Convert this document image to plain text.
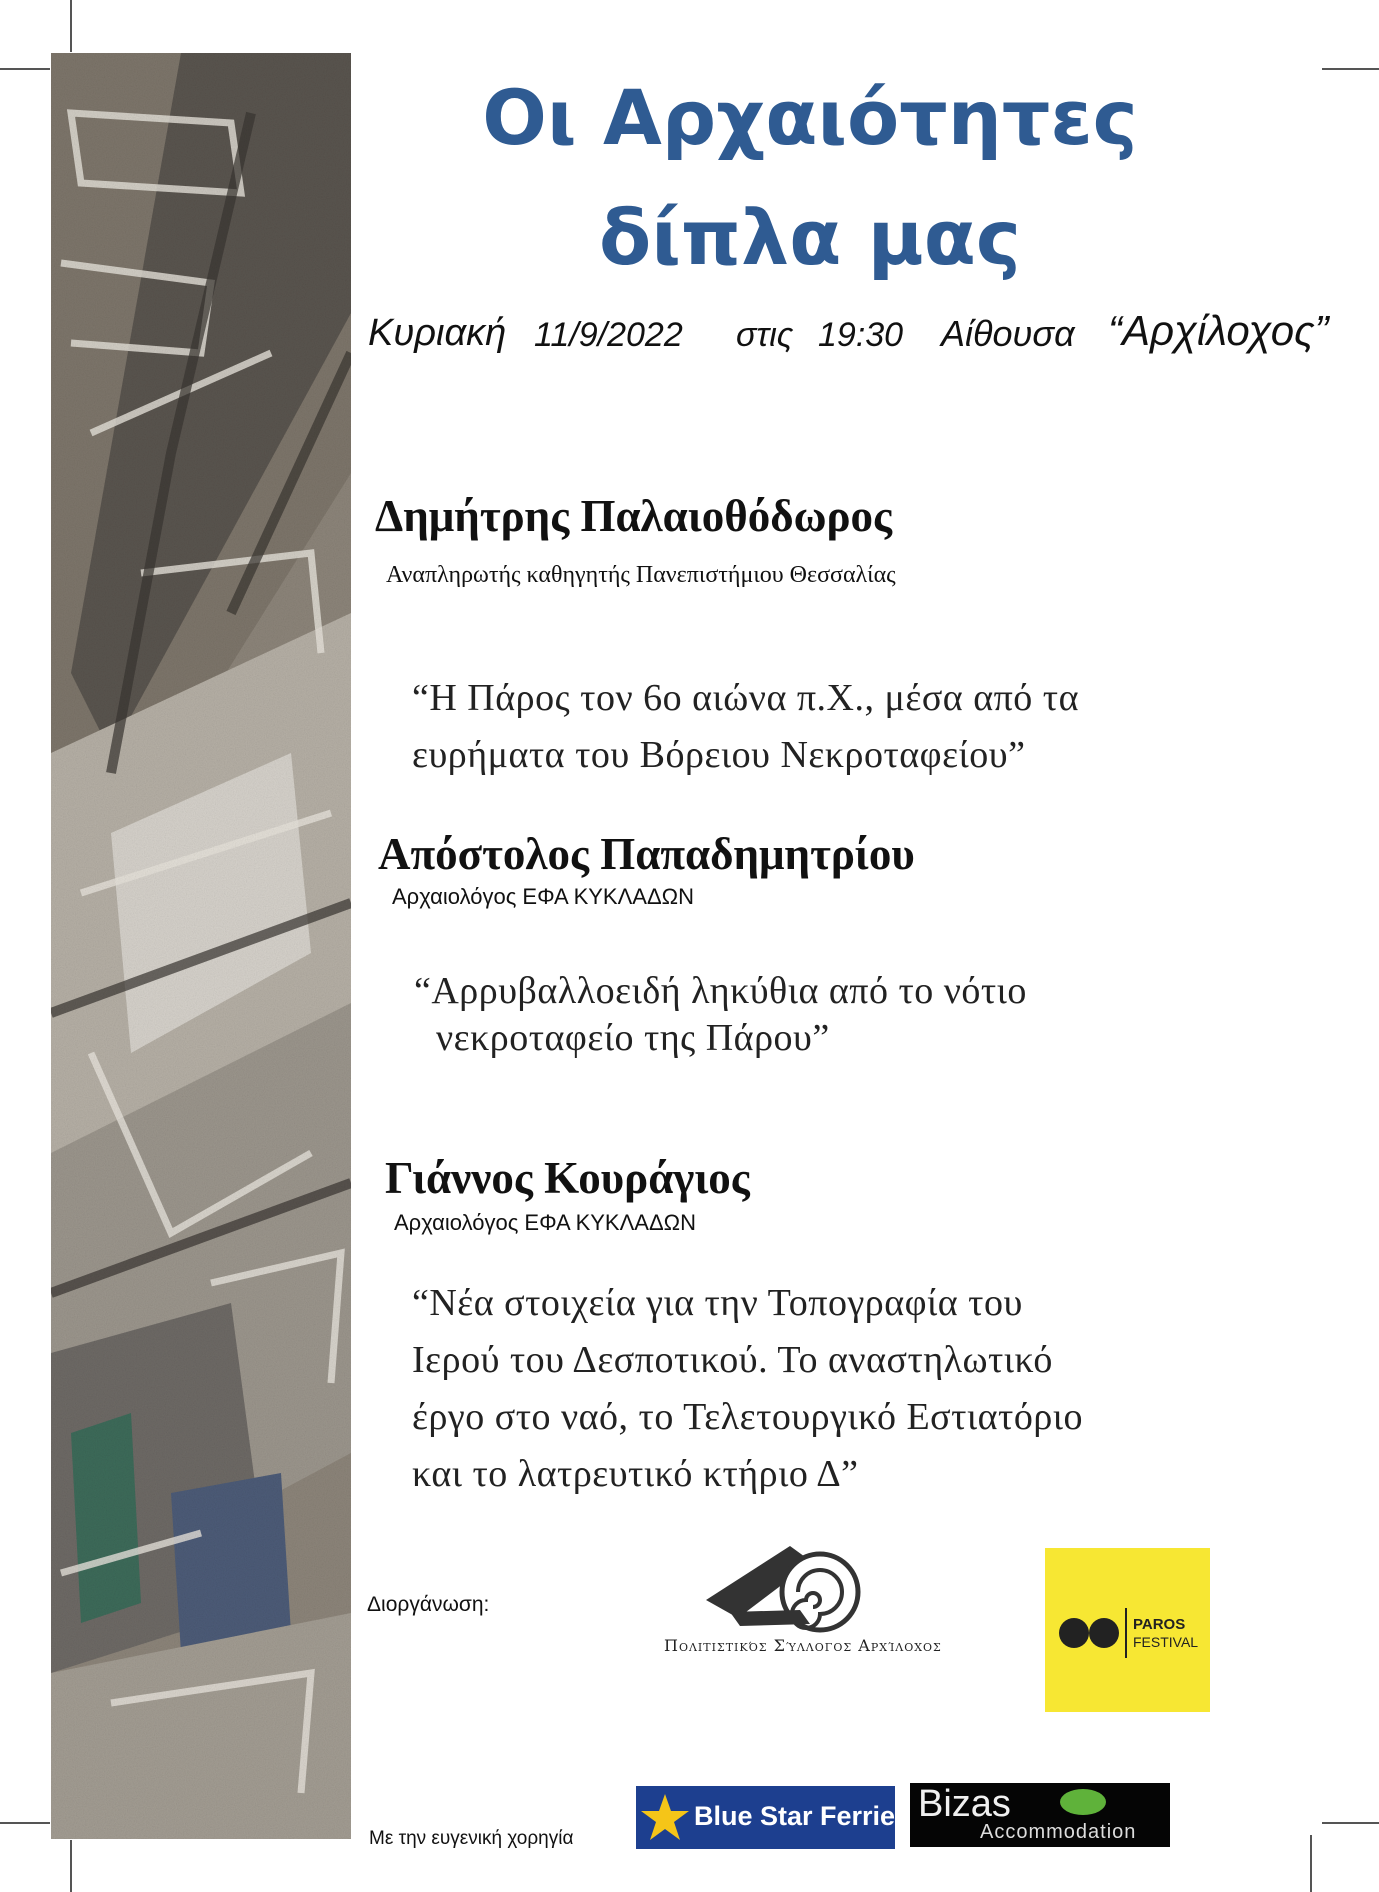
Οι Αρχαιότητες
δίπλα μας
Κυριακή 11/9/2022 στις 19:30 Αίθουσα “Αρχίλοχος”
Δημήτρης Παλαιοθόδωρος
Αναπληρωτής καθηγητής Πανεπιστήμιου Θεσσαλίας
“Η Πάρος τον 6ο αιώνα π.Χ., μέσα από τα
ευρήματα του Βόρειου Νεκροταφείου”
Απόστολος Παπαδημητρίου
Αρχαιολόγος ΕΦΑ ΚΥΚΛΑΔΩΝ
“Αρρυβαλλοειδή ληκύθια από το νότιο
νεκροταφείο της Πάρου”
Γιάννος Κουράγιος
Αρχαιολόγος ΕΦΑ ΚΥΚΛΑΔΩΝ
“Νέα στοιχεία για την Τοπογραφία του
Ιερού του Δεσποτικού. Το αναστηλωτικό
έργο στο ναό, το Τελετουργικό Εστιατόριο
και το λατρευτικό κτήριο Δ”
Διοργάνωση:
Πολιτιστικός Σύλλογος Αρχίλοχος
PAROS
FESTIVAL
Με την ευγενική χορηγία
Blue Star Ferries Bizas
Accommodation
